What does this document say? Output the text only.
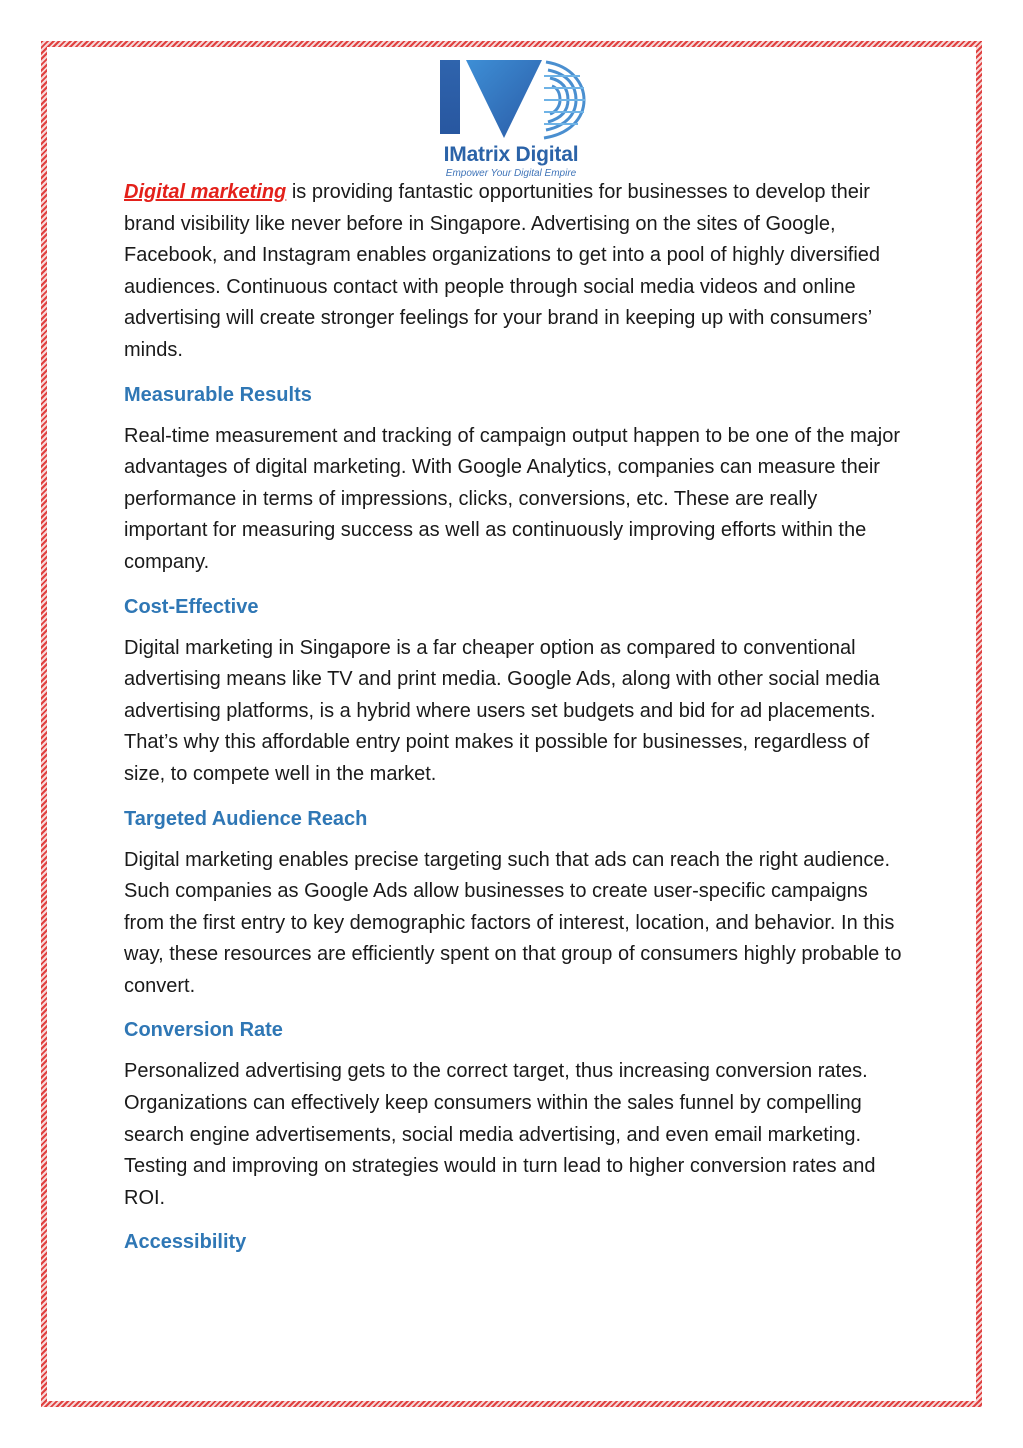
IMatrix Digital
Empower Your Digital Empire

Digital marketing is providing fantastic opportunities for businesses to develop their brand visibility like never before in Singapore. Advertising on the sites of Google, Facebook, and Instagram enables organizations to get into a pool of highly diversified audiences. Continuous contact with people through social media videos and online advertising will create stronger feelings for your brand in keeping up with consumers’ minds.

Measurable Results

Real-time measurement and tracking of campaign output happen to be one of the major advantages of digital marketing. With Google Analytics, companies can measure their performance in terms of impressions, clicks, conversions, etc. These are really important for measuring success as well as continuously improving efforts within the company.

Cost-Effective

Digital marketing in Singapore is a far cheaper option as compared to conventional advertising means like TV and print media. Google Ads, along with other social media advertising platforms, is a hybrid where users set budgets and bid for ad placements. That’s why this affordable entry point makes it possible for businesses, regardless of size, to compete well in the market.

Targeted Audience Reach

Digital marketing enables precise targeting such that ads can reach the right audience. Such companies as Google Ads allow businesses to create user-specific campaigns from the first entry to key demographic factors of interest, location, and behavior. In this way, these resources are efficiently spent on that group of consumers highly probable to convert.

Conversion Rate

Personalized advertising gets to the correct target, thus increasing conversion rates. Organizations can effectively keep consumers within the sales funnel by compelling search engine advertisements, social media advertising, and even email marketing. Testing and improving on strategies would in turn lead to higher conversion rates and ROI.

Accessibility
